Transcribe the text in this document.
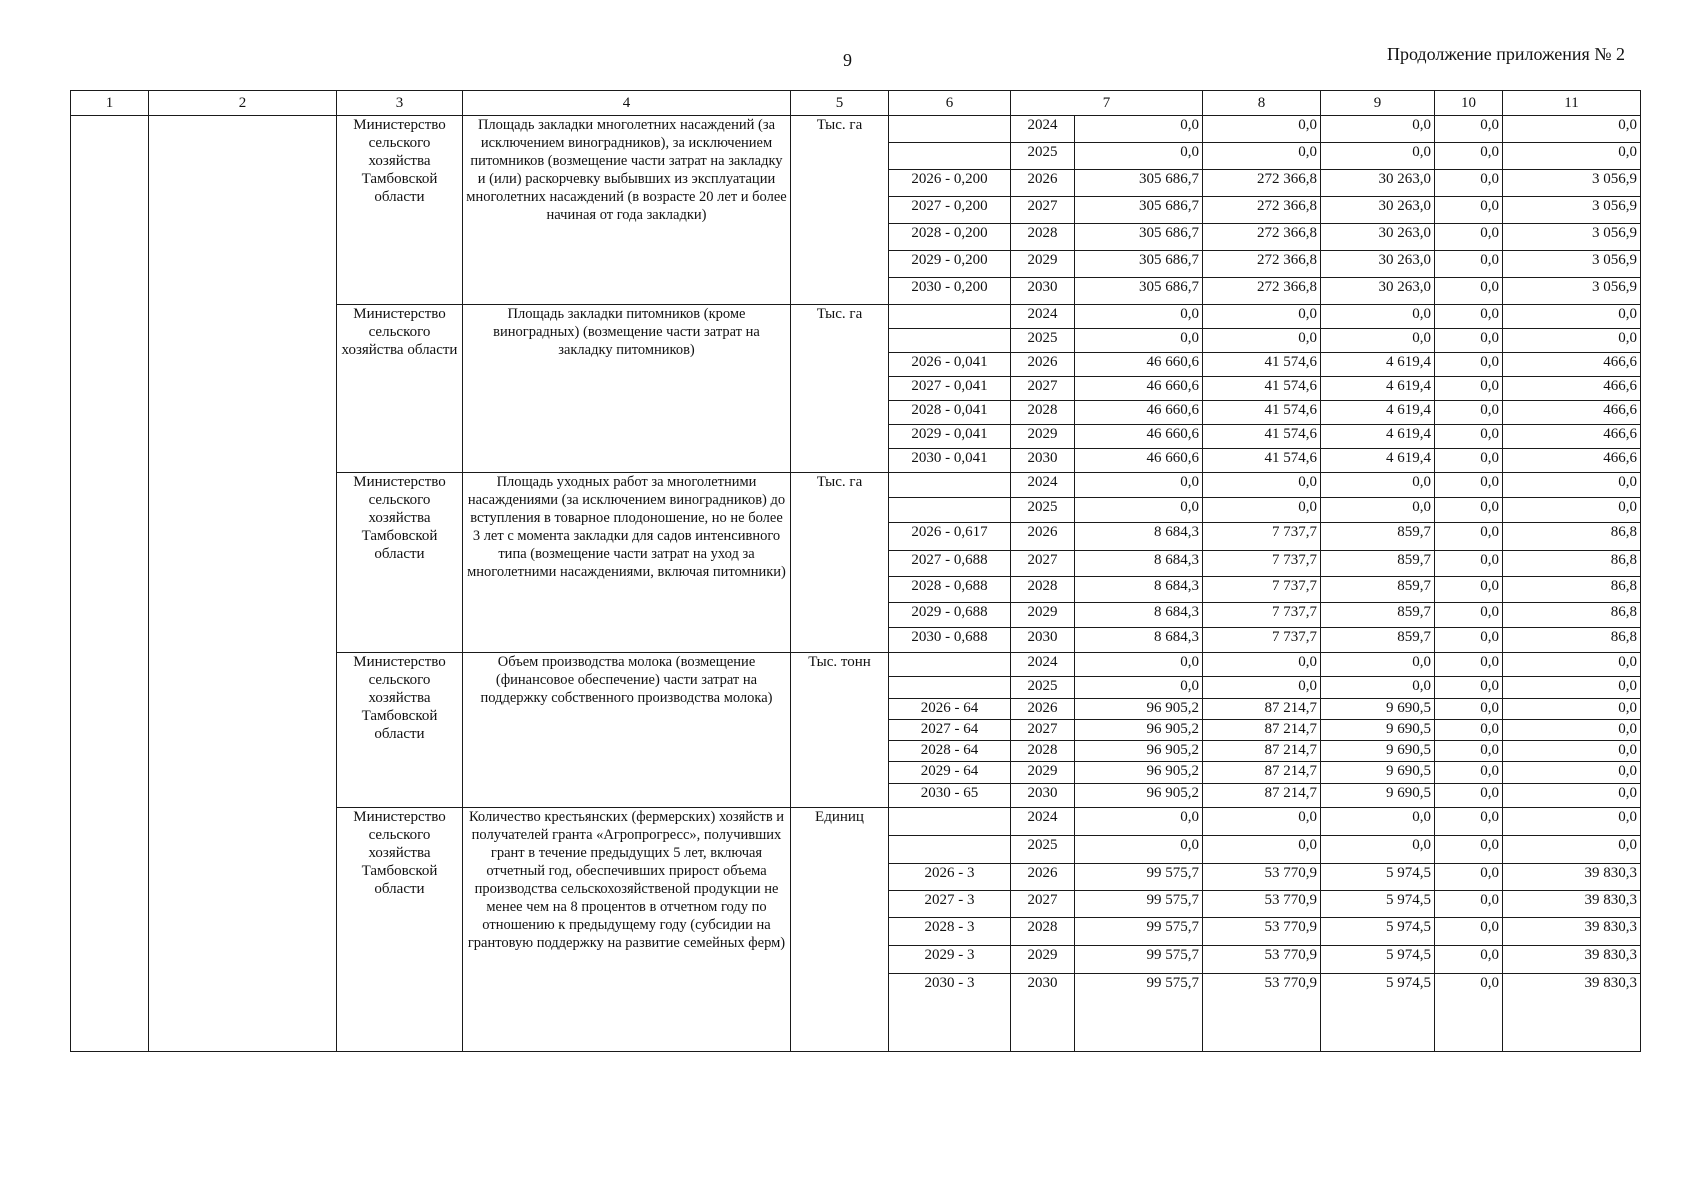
9	Продолжение приложения № 2
1	2	3	4	5	6	7		8	9	10	11
		Министерство сельского хозяйства Тамбовской области	Площадь закладки многолетних насаждений (за исключением виноградников), за исключением питомников (возмещение части затрат на закладку и (или) раскорчевку выбывших из эксплуатации многолетних насаждений (в возрасте 20 лет и более начиная от года закладки)	Тыс. га		2024	0,0	0,0	0,0	0,0	0,0
						2025	0,0	0,0	0,0	0,0	0,0
					2026 - 0,200	2026	305 686,7	272 366,8	30 263,0	0,0	3 056,9
					2027 - 0,200	2027	305 686,7	272 366,8	30 263,0	0,0	3 056,9
					2028 - 0,200	2028	305 686,7	272 366,8	30 263,0	0,0	3 056,9
					2029 - 0,200	2029	305 686,7	272 366,8	30 263,0	0,0	3 056,9
					2030 - 0,200	2030	305 686,7	272 366,8	30 263,0	0,0	3 056,9
		Министерство сельского хозяйства области	Площадь закладки питомников (кроме виноградных) (возмещение части затрат на закладку питомников)	Тыс. га		2024	0,0	0,0	0,0	0,0	0,0
						2025	0,0	0,0	0,0	0,0	0,0
					2026 - 0,041	2026	46 660,6	41 574,6	4 619,4	0,0	466,6
					2027 - 0,041	2027	46 660,6	41 574,6	4 619,4	0,0	466,6
					2028 - 0,041	2028	46 660,6	41 574,6	4 619,4	0,0	466,6
					2029 - 0,041	2029	46 660,6	41 574,6	4 619,4	0,0	466,6
					2030 - 0,041	2030	46 660,6	41 574,6	4 619,4	0,0	466,6
		Министерство сельского хозяйства Тамбовской области	Площадь уходных работ за многолетними насаждениями (за исключением виноградников) до вступления в товарное плодоношение, но не более 3 лет с момента закладки для садов интенсивного типа (возмещение части затрат на уход за многолетними насаждениями, включая питомники)	Тыс. га		2024	0,0	0,0	0,0	0,0	0,0
						2025	0,0	0,0	0,0	0,0	0,0
					2026 - 0,617	2026	8 684,3	7 737,7	859,7	0,0	86,8
					2027 - 0,688	2027	8 684,3	7 737,7	859,7	0,0	86,8
					2028 - 0,688	2028	8 684,3	7 737,7	859,7	0,0	86,8
					2029 - 0,688	2029	8 684,3	7 737,7	859,7	0,0	86,8
					2030 - 0,688	2030	8 684,3	7 737,7	859,7	0,0	86,8
		Министерство сельского хозяйства Тамбовской области	Объем производства молока (возмещение (финансовое обеспечение) части затрат на поддержку собственного производства молока)	Тыс. тонн		2024	0,0	0,0	0,0	0,0	0,0
						2025	0,0	0,0	0,0	0,0	0,0
					2026 - 64	2026	96 905,2	87 214,7	9 690,5	0,0	0,0
					2027 - 64	2027	96 905,2	87 214,7	9 690,5	0,0	0,0
					2028 - 64	2028	96 905,2	87 214,7	9 690,5	0,0	0,0
					2029 - 64	2029	96 905,2	87 214,7	9 690,5	0,0	0,0
					2030 - 65	2030	96 905,2	87 214,7	9 690,5	0,0	0,0
		Министерство сельского хозяйства Тамбовской области	Количество крестьянских (фермерских) хозяйств и получателей гранта «Агропрогресс», получивших грант в течение предыдущих 5 лет, включая отчетный год, обеспечивших прирост объема производства сельскохозяйственой продукции не менее чем на 8 процентов в отчетном году по отношению к предыдущему году (субсидии на грантовую поддержку на развитие семейных ферм)	Единиц		2024	0,0	0,0	0,0	0,0	0,0
						2025	0,0	0,0	0,0	0,0	0,0
					2026 - 3	2026	99 575,7	53 770,9	5 974,5	0,0	39 830,3
					2027 - 3	2027	99 575,7	53 770,9	5 974,5	0,0	39 830,3
					2028 - 3	2028	99 575,7	53 770,9	5 974,5	0,0	39 830,3
					2029 - 3	2029	99 575,7	53 770,9	5 974,5	0,0	39 830,3
					2030 - 3	2030	99 575,7	53 770,9	5 974,5	0,0	39 830,3
